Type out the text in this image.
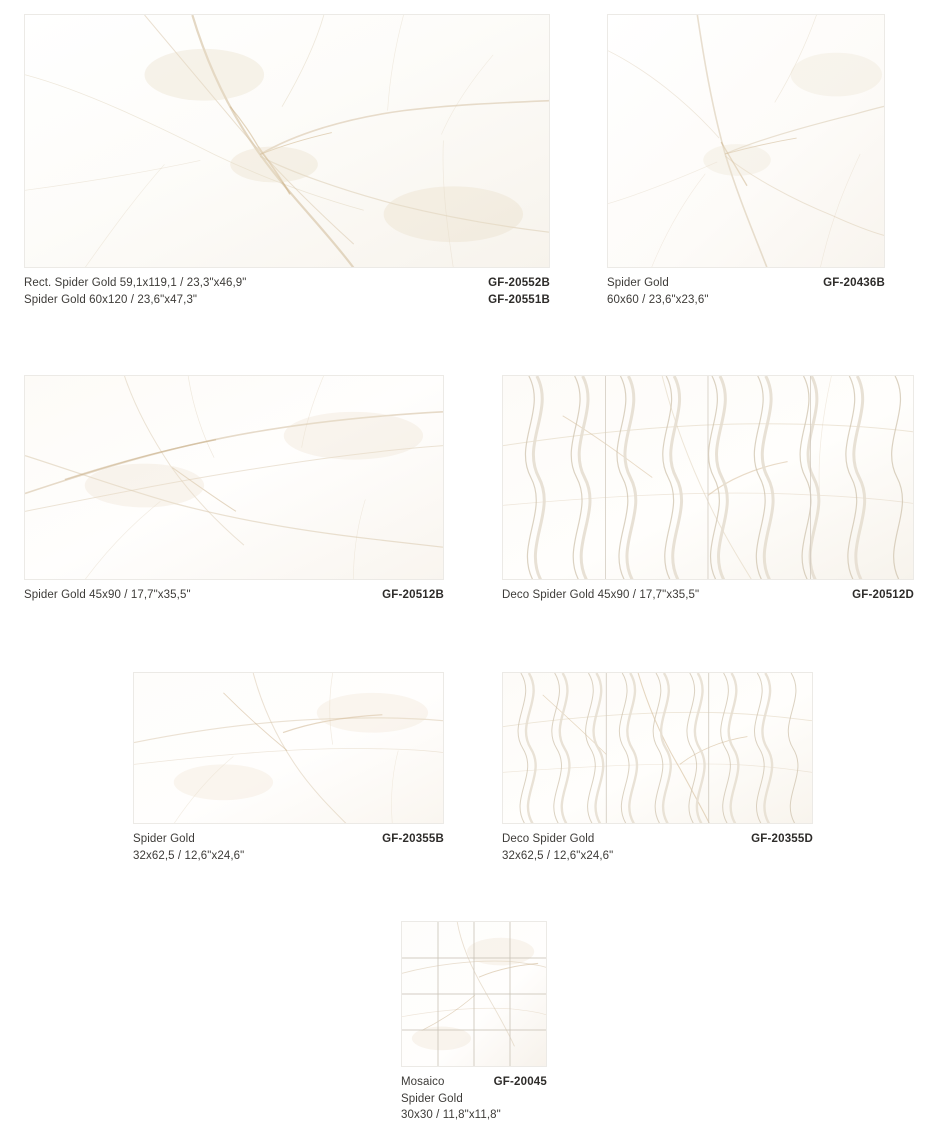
Rect. Spider Gold 59,1x119,1 / 23,3"x46,9"	GF-20552B
Spider Gold 60x120 / 23,6"x47,3"	GF-20551B
Spider Gold	GF-20436B
60x60 / 23,6"x23,6"
Spider Gold 45x90 / 17,7"x35,5"	GF-20512B	Deco Spider Gold 45x90 / 17,7"x35,5"	GF-20512D
Spider Gold	GF-20355B
32x62,5 / 12,6"x24,6"
Deco Spider Gold	GF-20355D
32x62,5 / 12,6"x24,6"
Mosaico	GF-20045
Spider Gold
30x30 / 11,8"x11,8"
